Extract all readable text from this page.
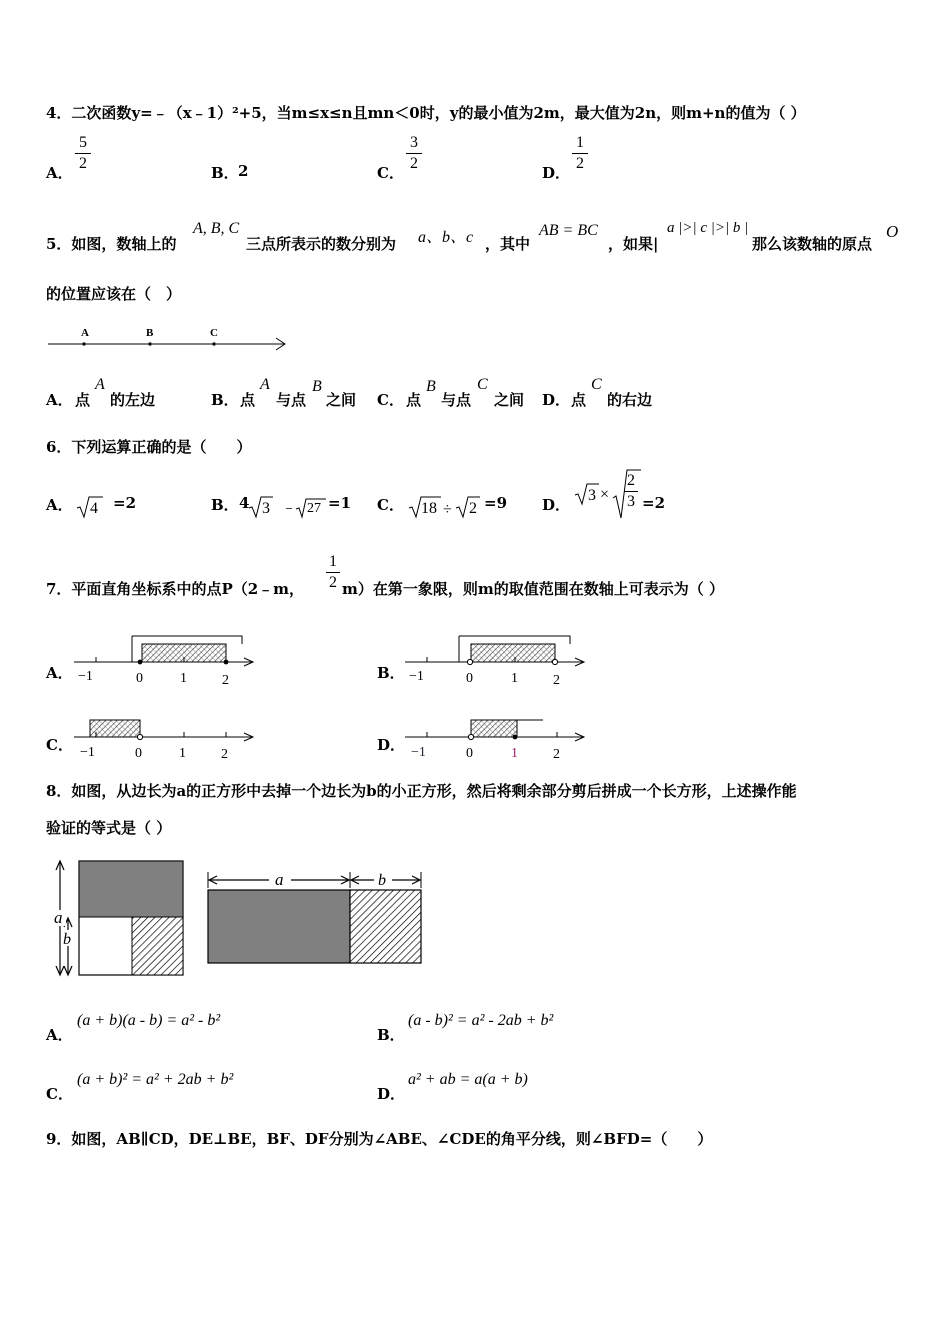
4．二次函数y=﹣（x﹣1）²+5，当m≤x≤n且mn＜0时，y的最小值为2m，最大值为2n，则m+n的值为（ ）
A．
5
2
B． 2	C．
3
2
D．
1
2
5．如图，数轴上的
A, B, C
三点所表示的数分别为 a、b、c ，其中
AB = BC
，如果|
a |>| c |>| b |
那么该数轴的原点
O
的位置应该在（　）
A	B	C
A． 点
A
的左边	B． 点
A
与点
B
之间 C． 点
B
与点
C
之间 D． 点
C
的右边
6．下列运算正确的是（　　）
A． 4 =2	B． 4 3 ﹣ 27 =1 C． 18 ÷ 2 =9 D．
3 ×
2
3 =2
7．平面直角坐标系中的点P（2﹣m，
1
2 m）在第一象限，则m的取值范围在数轴上可表示为（ ）
A．	B．
C．	D．
−1	0	1	2	−1	0	1	2
−1	0	1	2	−1	0	1	2
8．如图，从边长为a的正方形中去掉一个边长为b的小正方形，然后将剩余部分剪后拼成一个长方形，上述操作能
验证的等式是（ ）
a
b
a	b
A．
(a + b)(a - b) = a² - b²
B．
(a - b)² = a² - 2ab + b²
C．
(a + b)² = a² + 2ab + b²
D．
a² + ab = a(a + b)
9．如图，AB∥CD，DE⊥BE，BF、DF分别为∠ABE、∠CDE的角平分线，则∠BFD=（　　）
